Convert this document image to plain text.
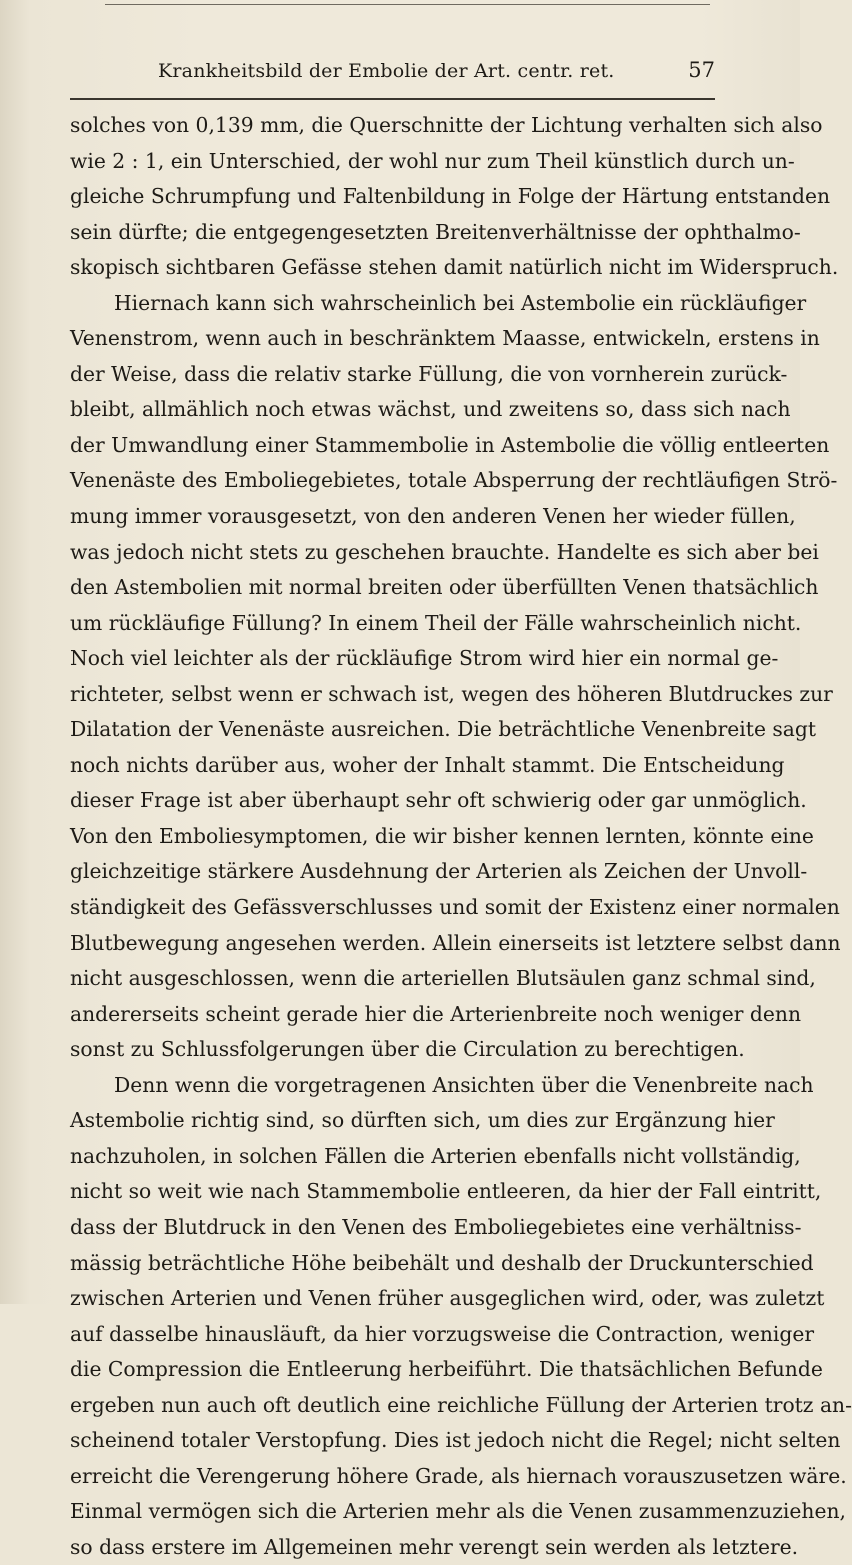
Krankheitsbild der Embolie der Art. centr. ret.	57
solches von 0,139 mm, die Querschnitte der Lichtung verhalten sich also
wie 2 : 1, ein Unterschied, der wohl nur zum Theil künstlich durch un-
gleiche Schrumpfung und Faltenbildung in Folge der Härtung entstanden
sein dürfte; die entgegengesetzten Breitenverhältnisse der ophthalmo-
skopisch sichtbaren Gefässe stehen damit natürlich nicht im Widerspruch.
Hiernach kann sich wahrscheinlich bei Astembolie ein rückläufiger
Venenstrom, wenn auch in beschränktem Maasse, entwickeln, erstens in
der Weise, dass die relativ starke Füllung, die von vornherein zurück-
bleibt, allmählich noch etwas wächst, und zweitens so, dass sich nach
der Umwandlung einer Stammembolie in Astembolie die völlig entleerten
Venenäste des Emboliegebietes, totale Absperrung der rechtläufigen Strö-
mung immer vorausgesetzt, von den anderen Venen her wieder füllen,
was jedoch nicht stets zu geschehen brauchte. Handelte es sich aber bei
den Astembolien mit normal breiten oder überfüllten Venen thatsächlich
um rückläufige Füllung? In einem Theil der Fälle wahrscheinlich nicht.
Noch viel leichter als der rückläufige Strom wird hier ein normal ge-
richteter, selbst wenn er schwach ist, wegen des höheren Blutdruckes zur
Dilatation der Venenäste ausreichen. Die beträchtliche Venenbreite sagt
noch nichts darüber aus, woher der Inhalt stammt. Die Entscheidung
dieser Frage ist aber überhaupt sehr oft schwierig oder gar unmöglich.
Von den Emboliesymptomen, die wir bisher kennen lernten, könnte eine
gleichzeitige stärkere Ausdehnung der Arterien als Zeichen der Unvoll-
ständigkeit des Gefässverschlusses und somit der Existenz einer normalen
Blutbewegung angesehen werden. Allein einerseits ist letztere selbst dann
nicht ausgeschlossen, wenn die arteriellen Blutsäulen ganz schmal sind,
andererseits scheint gerade hier die Arterienbreite noch weniger denn
sonst zu Schlussfolgerungen über die Circulation zu berechtigen.
Denn wenn die vorgetragenen Ansichten über die Venenbreite nach
Astembolie richtig sind, so dürften sich, um dies zur Ergänzung hier
nachzuholen, in solchen Fällen die Arterien ebenfalls nicht vollständig,
nicht so weit wie nach Stammembolie entleeren, da hier der Fall eintritt,
dass der Blutdruck in den Venen des Emboliegebietes eine verhältniss-
mässig beträchtliche Höhe beibehält und deshalb der Druckunterschied
zwischen Arterien und Venen früher ausgeglichen wird, oder, was zuletzt
auf dasselbe hinausläuft, da hier vorzugsweise die Contraction, weniger
die Compression die Entleerung herbeiführt. Die thatsächlichen Befunde
ergeben nun auch oft deutlich eine reichliche Füllung der Arterien trotz an-
scheinend totaler Verstopfung. Dies ist jedoch nicht die Regel; nicht selten
erreicht die Verengerung höhere Grade, als hiernach vorauszusetzen wäre.
Einmal vermögen sich die Arterien mehr als die Venen zusammenzuziehen,
so dass erstere im Allgemeinen mehr verengt sein werden als letztere.
